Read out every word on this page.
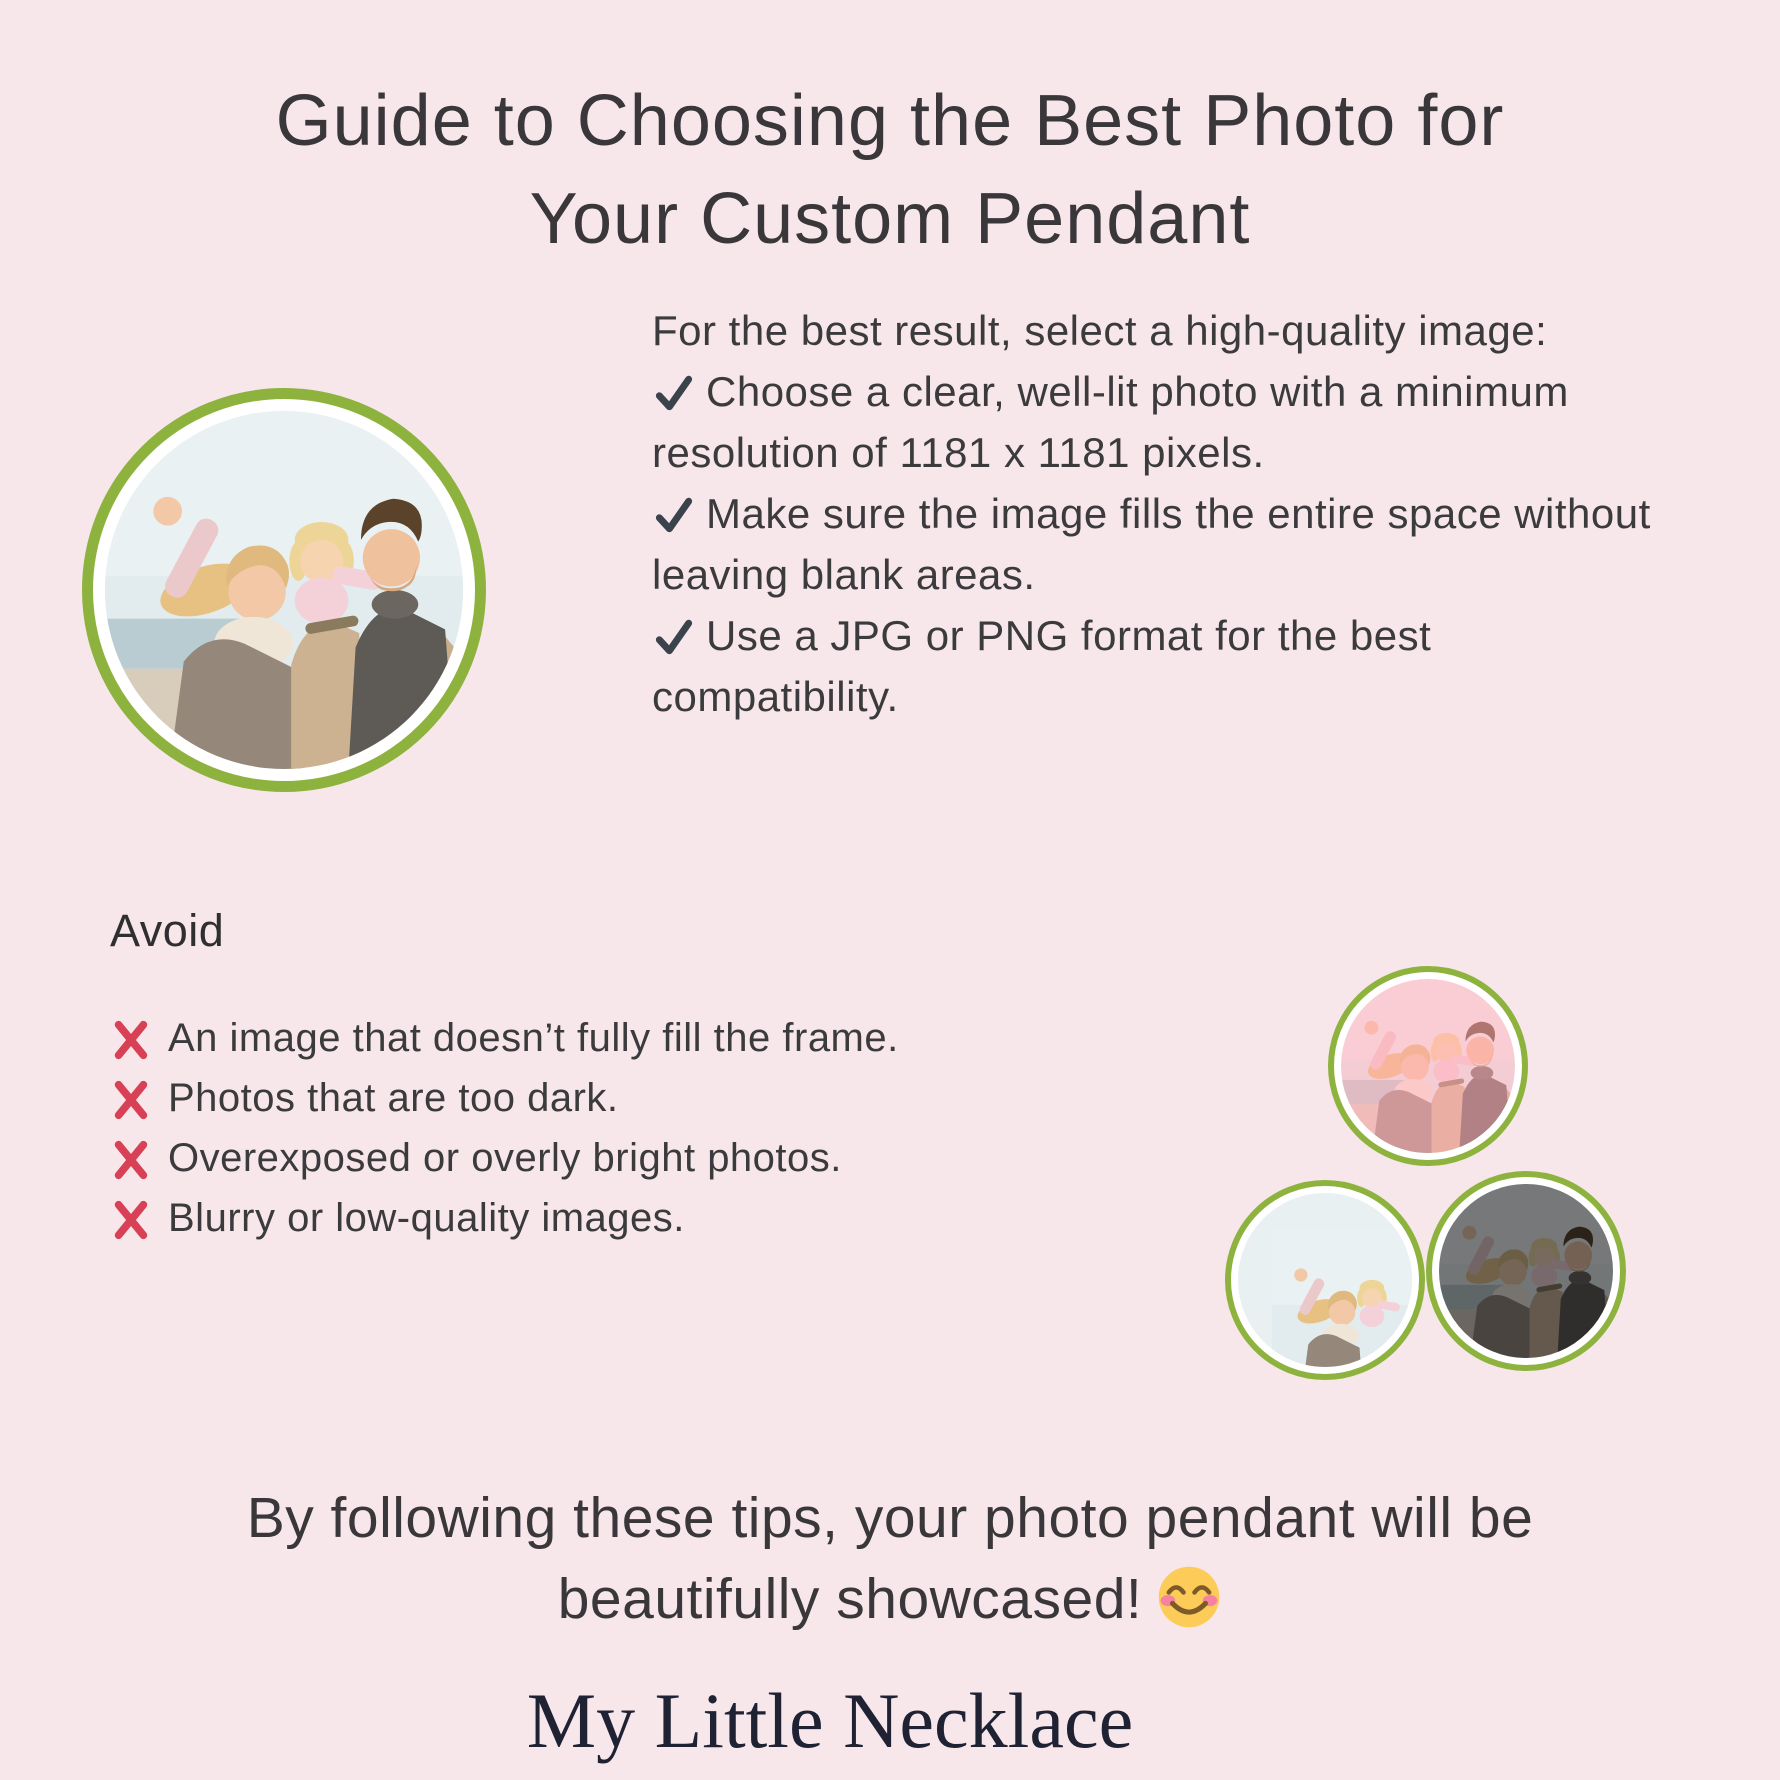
Guide to Choosing the Best Photo for
Your Custom Pendant
For the best result, select a high-quality image:
Choose a clear, well-lit photo with a minimum
resolution of 1181 x 1181 pixels.
Make sure the image fills the entire space without
leaving blank areas.
Use a JPG or PNG format for the best
compatibility.
Avoid
An image that doesn’t fully fill the frame.
Photos that are too dark.
Overexposed or overly bright photos.
Blurry or low-quality images.
By following these tips, your photo pendant will be
beautifully showcased!
My Little Necklace
